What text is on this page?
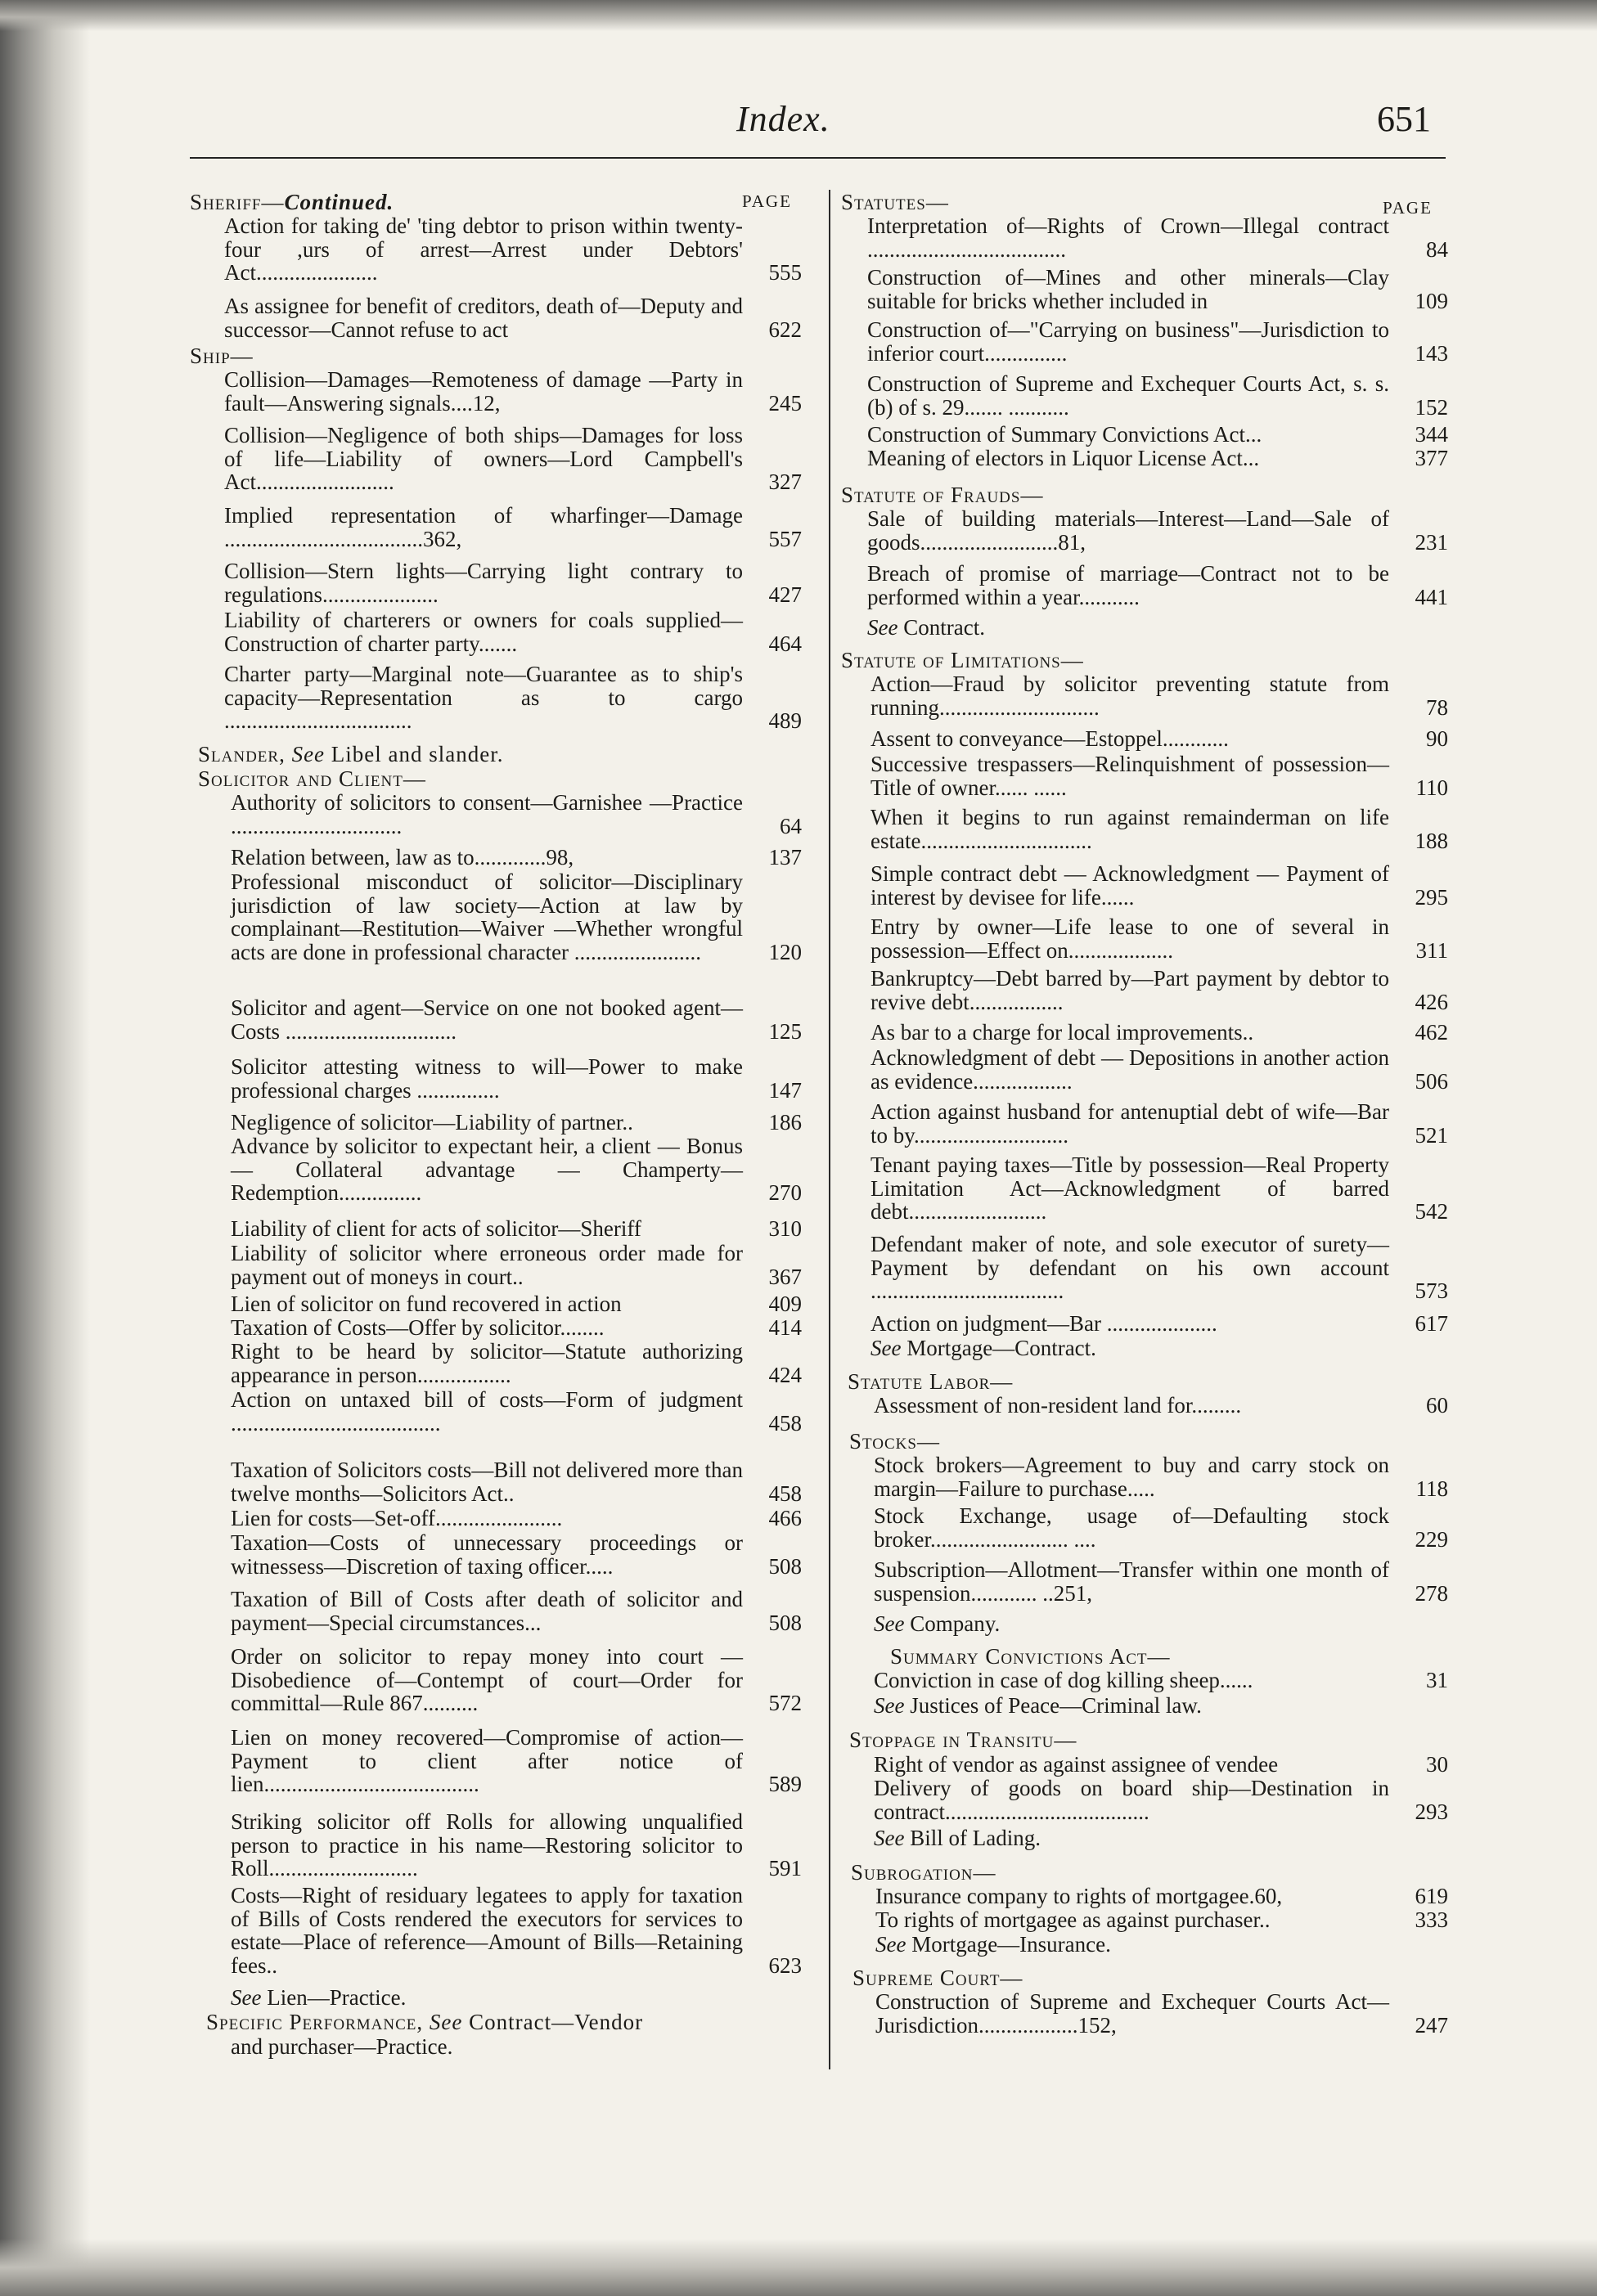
Index.	651
PAGE
Sheriff—Continued.
Action for taking de' 'ting debtor to prison within twenty-four ,urs of arrest—Arrest under Debtors' Act......................	555
As assignee for benefit of creditors, death of—Deputy and successor—Cannot refuse to act	622
Ship—
Collision—Damages—Remoteness of damage —Party in fault—Answering signals....12,	245
Collision—Negligence of both ships—Damages for loss of life—Liability of owners—Lord Campbell's Act.........................	327
Implied representation of wharfinger—Damage ....................................362,	557
Collision—Stern lights—Carrying light contrary to regulations.....................	427
Liability of charterers or owners for coals supplied—Construction of charter party.......	464
Charter party—Marginal note—Guarantee as to ship's capacity—Representation as to cargo ..................................	489
Slander, See Libel and slander.
Solicitor and Client—
Authority of solicitors to consent—Garnishee —Practice ...............................	64
Relation between, law as to.............98,	137
Professional misconduct of solicitor—Disciplinary jurisdiction of law society—Action at law by complainant—Restitution—Waiver —Whether wrongful acts are done in professional character .......................	120
Solicitor and agent—Service on one not booked agent—Costs ...............................	125
Solicitor attesting witness to will—Power to make professional charges ...............	147
Negligence of solicitor—Liability of partner..	186
Advance by solicitor to expectant heir, a client — Bonus — Collateral advantage — Champerty—Redemption...............	270
Liability of client for acts of solicitor—Sheriff	310
Liability of solicitor where erroneous order made for payment out of moneys in court..	367
Lien of solicitor on fund recovered in action	409
Taxation of Costs—Offer by solicitor........	414
Right to be heard by solicitor—Statute authorizing appearance in person.................	424
Action on untaxed bill of costs—Form of judgment ......................................	458
Taxation of Solicitors costs—Bill not delivered more than twelve months—Solicitors Act..	458
Lien for costs—Set-off.......................	466
Taxation—Costs of unnecessary proceedings or witnessess—Discretion of taxing officer.....	508
Taxation of Bill of Costs after death of solicitor and payment—Special circumstances...	508
Order on solicitor to repay money into court —Disobedience of—Contempt of court—Order for committal—Rule 867..........	572
Lien on money recovered—Compromise of action—Payment to client after notice of lien.......................................	589
Striking solicitor off Rolls for allowing unqualified person to practice in his name—Restoring solicitor to Roll...........................	591
Costs—Right of residuary legatees to apply for taxation of Bills of Costs rendered the executors for services to estate—Place of reference—Amount of Bills—Retaining fees..	623
See Lien—Practice.
Specific Performance, See Contract—Vendor
and purchaser—Practice.
PAGE
Statutes—
Interpretation of—Rights of Crown—Illegal contract ....................................	84
Construction of—Mines and other minerals—Clay suitable for bricks whether included in	109
Construction of—"Carrying on business"—Jurisdiction to inferior court...............	143
Construction of Supreme and Exchequer Courts Act, s. s. (b) of s. 29....... ...........	152
Construction of Summary Convictions Act...	344
Meaning of electors in Liquor License Act...	377
Statute of Frauds—
Sale of building materials—Interest—Land—Sale of goods.........................81,	231
Breach of promise of marriage—Contract not to be performed within a year...........	441
See Contract.
Statute of Limitations—
Action—Fraud by solicitor preventing statute from running.............................	78
Assent to conveyance—Estoppel............	90
Successive trespassers—Relinquishment of possession—Title of owner...... ......	110
When it begins to run against remainderman on life estate...............................	188
Simple contract debt — Acknowledgment — Payment of interest by devisee for life......	295
Entry by owner—Life lease to one of several in possession—Effect on...................	311
Bankruptcy—Debt barred by—Part payment by debtor to revive debt.................	426
As bar to a charge for local improvements..	462
Acknowledgment of debt — Depositions in another action as evidence..................	506
Action against husband for antenuptial debt of wife—Bar to by............................	521
Tenant paying taxes—Title by possession—Real Property Limitation Act—Acknowledgment of barred debt.........................	542
Defendant maker of note, and sole executor of surety—Payment by defendant on his own account ...................................	573
Action on judgment—Bar ....................	617
See Mortgage—Contract.
Statute Labor—
Assessment of non-resident land for.........	60
Stocks—
Stock brokers—Agreement to buy and carry stock on margin—Failure to purchase.....	118
Stock Exchange, usage of—Defaulting stock broker......................... ....	229
Subscription—Allotment—Transfer within one month of suspension............ ..251,	278
See Company.
Summary Convictions Act—
Conviction in case of dog killing sheep......	31
See Justices of Peace—Criminal law.
Stoppage in Transitu—
Right of vendor as against assignee of vendee	30
Delivery of goods on board ship—Destination in contract.....................................	293
See Bill of Lading.
Subrogation—
Insurance company to rights of mortgagee.60,	619
To rights of mortgagee as against purchaser..	333
See Mortgage—Insurance.
Supreme Court—
Construction of Supreme and Exchequer Courts Act—Jurisdiction..................152,	247
